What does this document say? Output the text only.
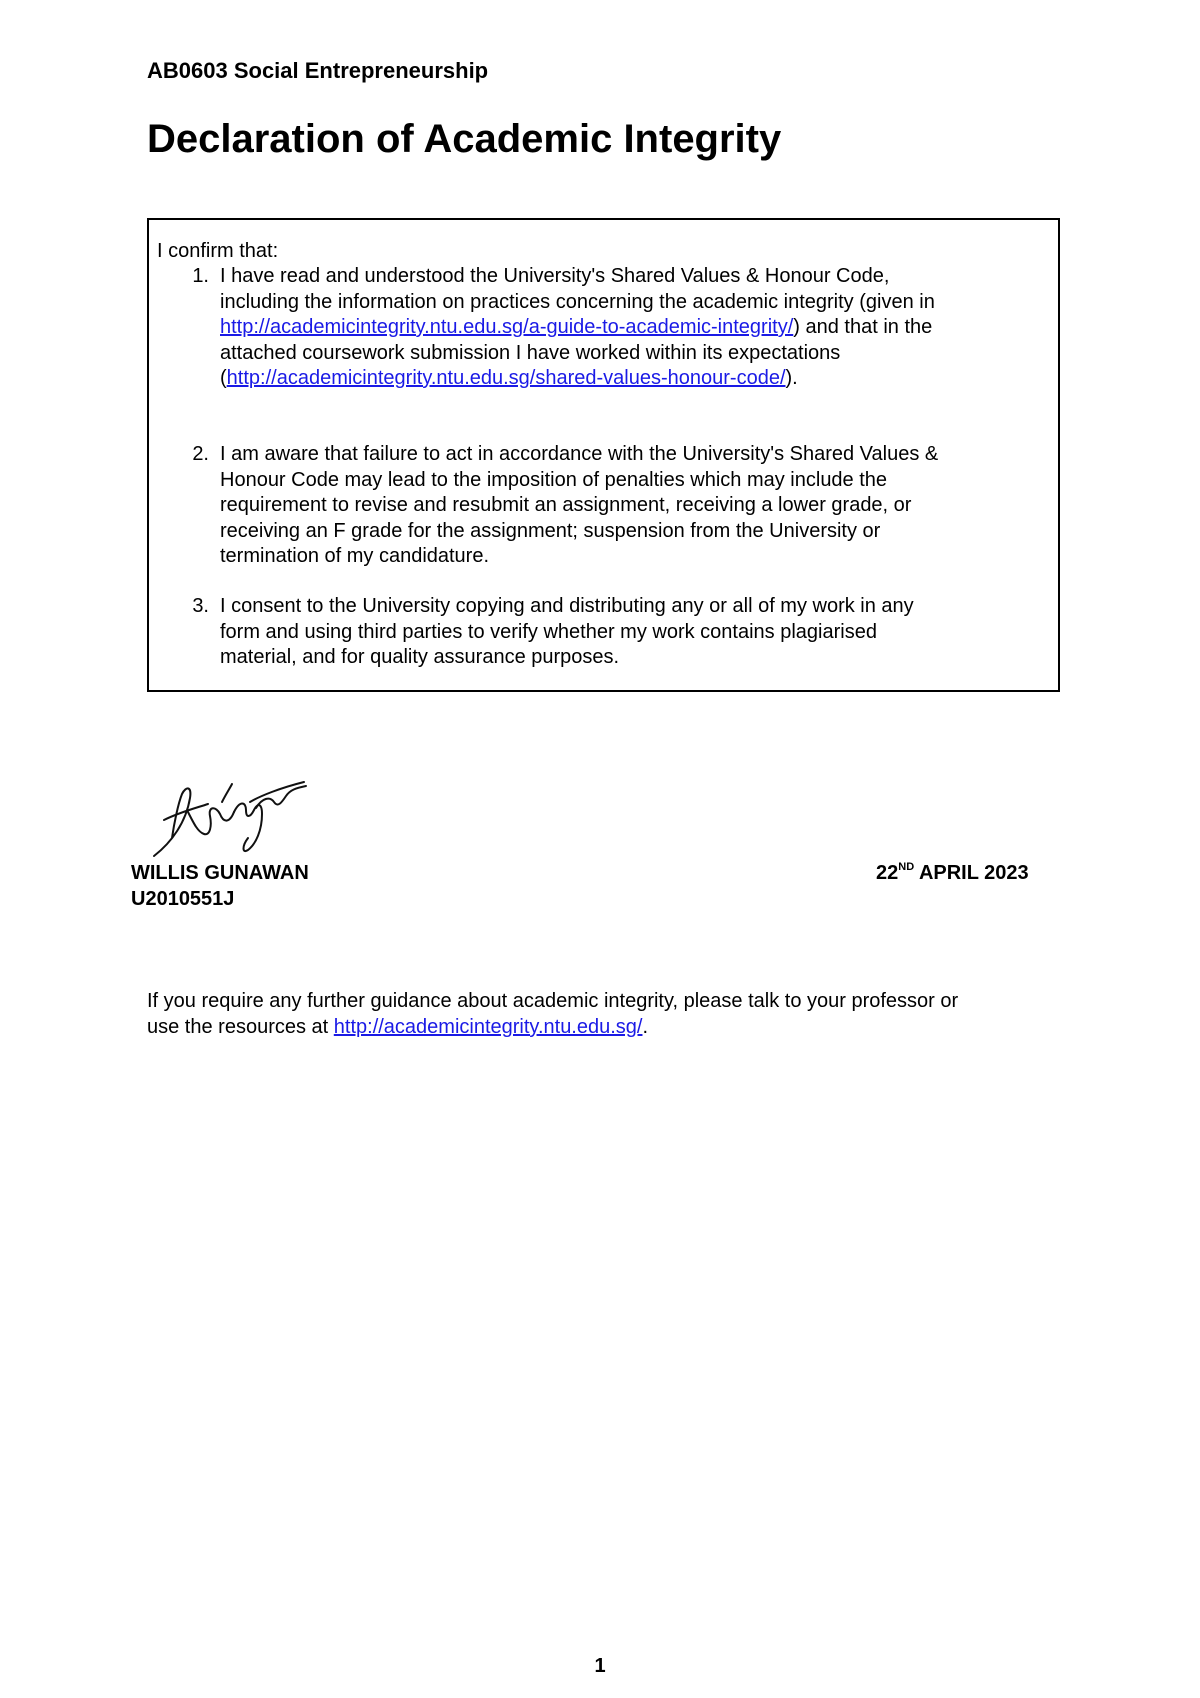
AB0603 Social Entrepreneurship
Declaration of Academic Integrity
I confirm that:
1. I have read and understood the University's Shared Values & Honour Code,
including the information on practices concerning the academic integrity (given in
http://academicintegrity.ntu.edu.sg/a-guide-to-academic-integrity/) and that in the
attached coursework submission I have worked within its expectations
(http://academicintegrity.ntu.edu.sg/shared-values-honour-code/).
2. I am aware that failure to act in accordance with the University's Shared Values &
Honour Code may lead to the imposition of penalties which may include the
requirement to revise and resubmit an assignment, receiving a lower grade, or
receiving an F grade for the assignment; suspension from the University or
termination of my candidature.
3. I consent to the University copying and distributing any or all of my work in any
form and using third parties to verify whether my work contains plagiarised
material, and for quality assurance purposes.
WILLIS GUNAWAN
U2010551J
22ND APRIL 2023
If you require any further guidance about academic integrity, please talk to your professor or
use the resources at http://academicintegrity.ntu.edu.sg/.
1
